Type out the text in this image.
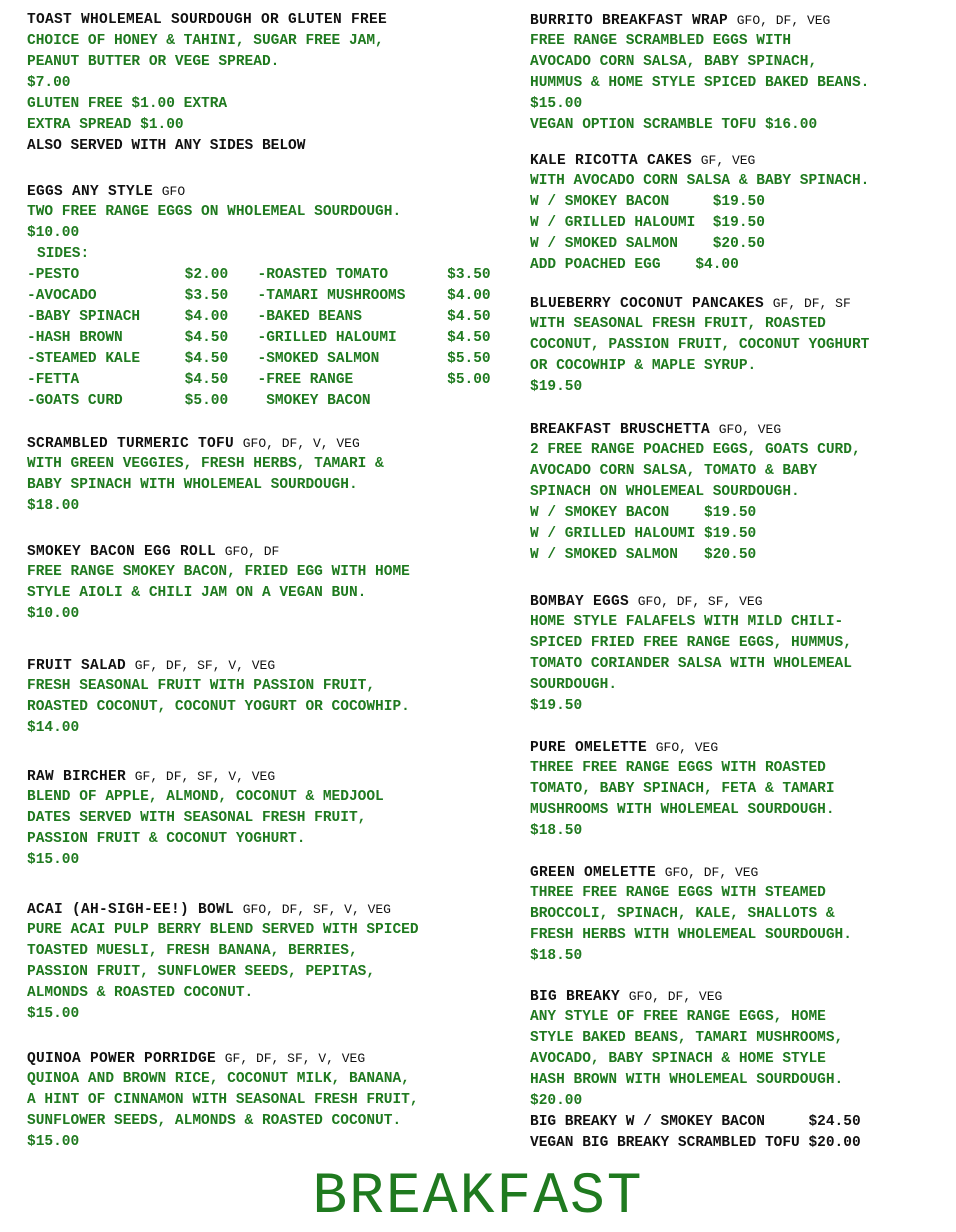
TOAST WHOLEMEAL SOURDOUGH OR GLUTEN FREE
CHOICE OF HONEY & TAHINI, SUGAR FREE JAM,
PEANUT BUTTER OR VEGE SPREAD.
$7.00
GLUTEN FREE $1.00 EXTRA
EXTRA SPREAD $1.00
ALSO SERVED WITH ANY SIDES BELOW
EGGS ANY STYLE GFO
TWO FREE RANGE EGGS ON WHOLEMEAL SOURDOUGH.
$10.00
SIDES:
-PESTO	$2.00	-ROASTED TOMATO	$3.50
-AVOCADO	$3.50	-TAMARI MUSHROOMS	$4.00
-BABY SPINACH	$4.00	-BAKED BEANS	$4.50
-HASH BROWN	$4.50	-GRILLED HALOUMI	$4.50
-STEAMED KALE	$4.50	-SMOKED SALMON	$5.50
-FETTA	$4.50	-FREE RANGE	$5.00
-GOATS CURD	$5.00	SMOKEY BACON
SCRAMBLED TURMERIC TOFU GFO, DF, V, VEG
WITH GREEN VEGGIES, FRESH HERBS, TAMARI &
BABY SPINACH WITH WHOLEMEAL SOURDOUGH.
$18.00
SMOKEY BACON EGG ROLL GFO, DF
FREE RANGE SMOKEY BACON, FRIED EGG WITH HOME
STYLE AIOLI & CHILI JAM ON A VEGAN BUN.
$10.00
FRUIT SALAD GF, DF, SF, V, VEG
FRESH SEASONAL FRUIT WITH PASSION FRUIT,
ROASTED COCONUT, COCONUT YOGURT OR COCOWHIP.
$14.00
RAW BIRCHER GF, DF, SF, V, VEG
BLEND OF APPLE, ALMOND, COCONUT & MEDJOOL
DATES SERVED WITH SEASONAL FRESH FRUIT,
PASSION FRUIT & COCONUT YOGHURT.
$15.00
ACAI (AH-SIGH-EE!) BOWL GFO, DF, SF, V, VEG
PURE ACAI PULP BERRY BLEND SERVED WITH SPICED
TOASTED MUESLI, FRESH BANANA, BERRIES,
PASSION FRUIT, SUNFLOWER SEEDS, PEPITAS,
ALMONDS & ROASTED COCONUT.
$15.00
QUINOA POWER PORRIDGE GF, DF, SF, V, VEG
QUINOA AND BROWN RICE, COCONUT MILK, BANANA,
A HINT OF CINNAMON WITH SEASONAL FRESH FRUIT,
SUNFLOWER SEEDS, ALMONDS & ROASTED COCONUT.
$15.00
BURRITO BREAKFAST WRAP GFO, DF, VEG
FREE RANGE SCRAMBLED EGGS WITH
AVOCADO CORN SALSA, BABY SPINACH,
HUMMUS & HOME STYLE SPICED BAKED BEANS.
$15.00
VEGAN OPTION SCRAMBLE TOFU $16.00
KALE RICOTTA CAKES GF, VEG
WITH AVOCADO CORN SALSA & BABY SPINACH.
W / SMOKEY BACON     $19.50
W / GRILLED HALOUMI  $19.50
W / SMOKED SALMON    $20.50
ADD POACHED EGG    $4.00
BLUEBERRY COCONUT PANCAKES GF, DF, SF
WITH SEASONAL FRESH FRUIT, ROASTED
COCONUT, PASSION FRUIT, COCONUT YOGHURT
OR COCOWHIP & MAPLE SYRUP.
$19.50
BREAKFAST BRUSCHETTA GFO, VEG
2 FREE RANGE POACHED EGGS, GOATS CURD,
AVOCADO CORN SALSA, TOMATO & BABY
SPINACH ON WHOLEMEAL SOURDOUGH.
W / SMOKEY BACON    $19.50
W / GRILLED HALOUMI $19.50
W / SMOKED SALMON   $20.50
BOMBAY EGGS GFO, DF, SF, VEG
HOME STYLE FALAFELS WITH MILD CHILI-
SPICED FRIED FREE RANGE EGGS, HUMMUS,
TOMATO CORIANDER SALSA WITH WHOLEMEAL
SOURDOUGH.
$19.50
PURE OMELETTE GFO, VEG
THREE FREE RANGE EGGS WITH ROASTED
TOMATO, BABY SPINACH, FETA & TAMARI
MUSHROOMS WITH WHOLEMEAL SOURDOUGH.
$18.50
GREEN OMELETTE GFO, DF, VEG
THREE FREE RANGE EGGS WITH STEAMED
BROCCOLI, SPINACH, KALE, SHALLOTS &
FRESH HERBS WITH WHOLEMEAL SOURDOUGH.
$18.50
BIG BREAKY GFO, DF, VEG
ANY STYLE OF FREE RANGE EGGS, HOME
STYLE BAKED BEANS, TAMARI MUSHROOMS,
AVOCADO, BABY SPINACH & HOME STYLE
HASH BROWN WITH WHOLEMEAL SOURDOUGH.
$20.00
BIG BREAKY W / SMOKEY BACON     $24.50
VEGAN BIG BREAKY SCRAMBLED TOFU $20.00
BREAKFAST
